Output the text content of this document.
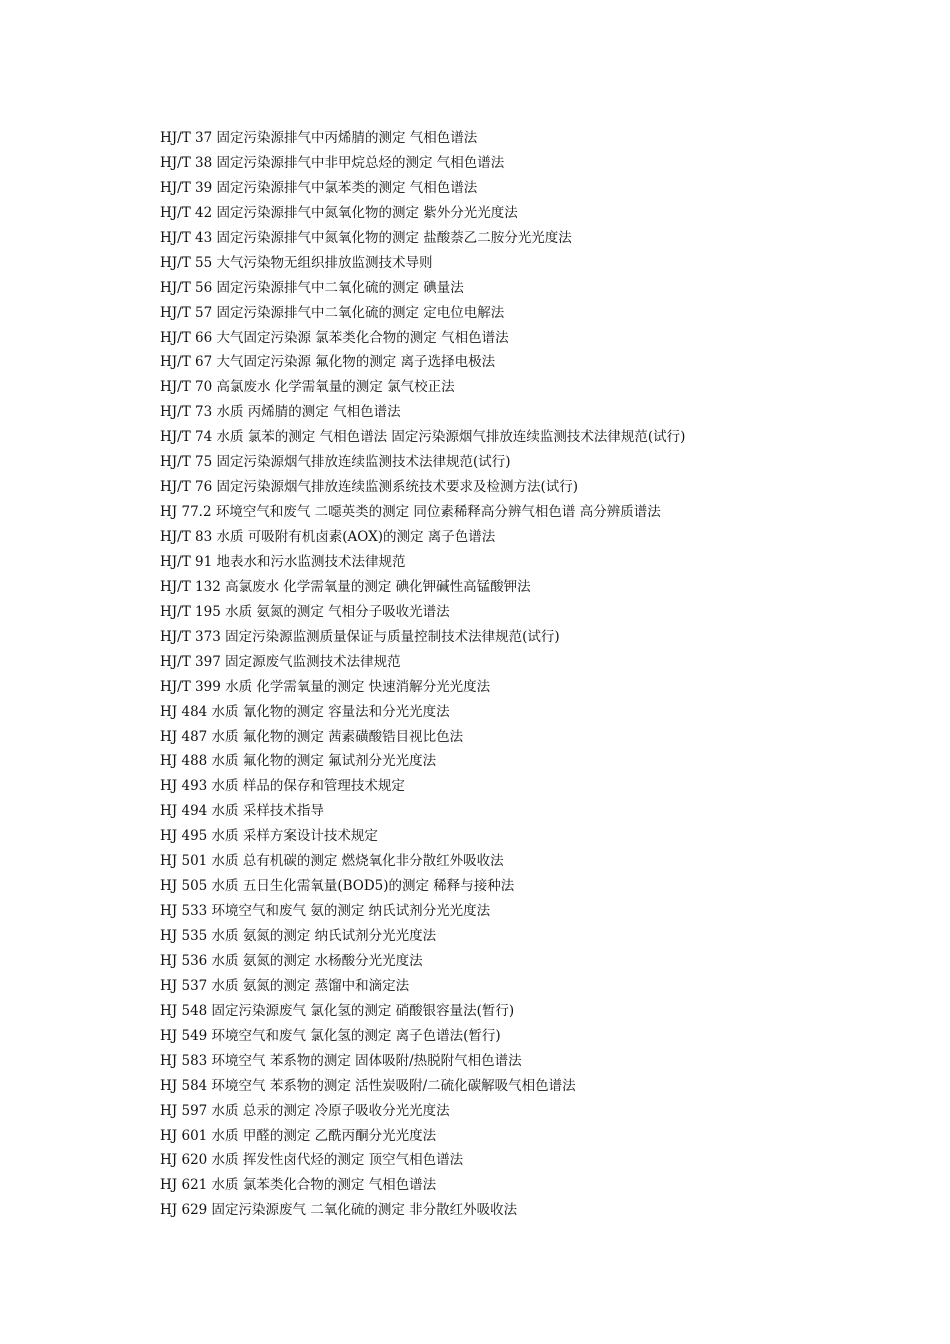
HJ/T 37 固定污染源排气中丙烯腈的测定 气相色谱法
HJ/T 38 固定污染源排气中非甲烷总烃的测定 气相色谱法
HJ/T 39 固定污染源排气中氯苯类的测定 气相色谱法
HJ/T 42 固定污染源排气中氮氧化物的测定 紫外分光光度法
HJ/T 43 固定污染源排气中氮氧化物的测定 盐酸萘乙二胺分光光度法
HJ/T 55 大气污染物无组织排放监测技术导则
HJ/T 56 固定污染源排气中二氧化硫的测定 碘量法
HJ/T 57 固定污染源排气中二氧化硫的测定 定电位电解法
HJ/T 66 大气固定污染源 氯苯类化合物的测定 气相色谱法
HJ/T 67 大气固定污染源 氟化物的测定 离子选择电极法
HJ/T 70 高氯废水 化学需氧量的测定 氯气校正法
HJ/T 73 水质 丙烯腈的测定 气相色谱法
HJ/T 74 水质 氯苯的测定 气相色谱法 固定污染源烟气排放连续监测技术法律规范(试行)
HJ/T 75 固定污染源烟气排放连续监测技术法律规范(试行)
HJ/T 76 固定污染源烟气排放连续监测系统技术要求及检测方法(试行)
HJ 77.2 环境空气和废气 二噁英类的测定 同位素稀释高分辨气相色谱 高分辨质谱法
HJ/T 83 水质 可吸附有机卤素(AOX)的测定 离子色谱法
HJ/T 91 地表水和污水监测技术法律规范
HJ/T 132 高氯废水 化学需氧量的测定 碘化钾碱性高锰酸钾法
HJ/T 195 水质 氨氮的测定 气相分子吸收光谱法
HJ/T 373 固定污染源监测质量保证与质量控制技术法律规范(试行)
HJ/T 397 固定源废气监测技术法律规范
HJ/T 399 水质 化学需氧量的测定 快速消解分光光度法
HJ 484 水质 氰化物的测定 容量法和分光光度法
HJ 487 水质 氟化物的测定 茜素磺酸锆目视比色法
HJ 488 水质 氟化物的测定 氟试剂分光光度法
HJ 493 水质 样品的保存和管理技术规定
HJ 494 水质 采样技术指导
HJ 495 水质 采样方案设计技术规定
HJ 501 水质 总有机碳的测定 燃烧氧化非分散红外吸收法
HJ 505 水质 五日生化需氧量(BOD5)的测定 稀释与接种法
HJ 533 环境空气和废气 氨的测定 纳氏试剂分光光度法
HJ 535 水质 氨氮的测定 纳氏试剂分光光度法
HJ 536 水质 氨氮的测定 水杨酸分光光度法
HJ 537 水质 氨氮的测定 蒸馏中和滴定法
HJ 548 固定污染源废气 氯化氢的测定 硝酸银容量法(暂行)
HJ 549 环境空气和废气 氯化氢的测定 离子色谱法(暂行)
HJ 583 环境空气 苯系物的测定 固体吸附/热脱附气相色谱法
HJ 584 环境空气 苯系物的测定 活性炭吸附/二硫化碳解吸气相色谱法
HJ 597 水质 总汞的测定 冷原子吸收分光光度法
HJ 601 水质 甲醛的测定 乙酰丙酮分光光度法
HJ 620 水质 挥发性卤代烃的测定 顶空气相色谱法
HJ 621 水质 氯苯类化合物的测定 气相色谱法
HJ 629 固定污染源废气 二氧化硫的测定 非分散红外吸收法
